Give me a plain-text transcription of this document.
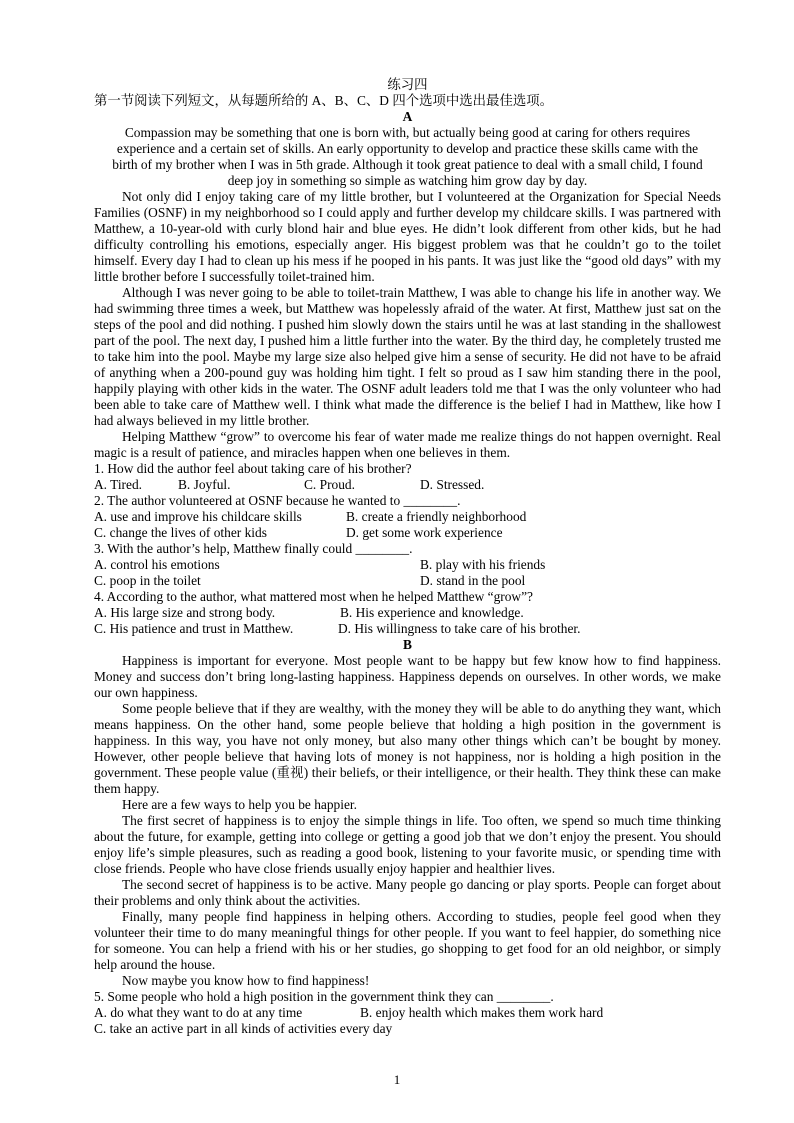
练习四
第一节阅读下列短文，从每题所给的 A、B、C、D 四个选项中选出最佳选项。
A
Compassion may be something that one is born with, but actually being good at caring for others requires
experience and a certain set of skills. An early opportunity to develop and practice these skills came with the
birth of my brother when I was in 5th grade. Although it took great patience to deal with a small child, I found
deep joy in something so simple as watching him grow day by day.

Not only did I enjoy taking care of my little brother, but I volunteered at the Organization for Special Needs Families (OSNF) in my neighborhood so I could apply and further develop my childcare skills. I was partnered with Matthew, a 10-year-old with curly blond hair and blue eyes. He didn’t look different from other kids, but he had difficulty controlling his emotions, especially anger. His biggest problem was that he couldn’t go to the toilet himself. Every day I had to clean up his mess if he pooped in his pants. It was just like the “good old days” with my little brother before I successfully toilet-trained him.

Although I was never going to be able to toilet-train Matthew, I was able to change his life in another way. We had swimming three times a week, but Matthew was hopelessly afraid of the water. At first, Matthew just sat on the steps of the pool and did nothing. I pushed him slowly down the stairs until he was at last standing in the shallowest part of the pool. The next day, I pushed him a little further into the water. By the third day, he completely trusted me to take him into the pool. Maybe my large size also helped give him a sense of security. He did not have to be afraid of anything when a 200-pound guy was holding him tight. I felt so proud as I saw him standing there in the pool, happily playing with other kids in the water. The OSNF adult leaders told me that I was the only volunteer who had been able to take care of Matthew well. I think what made the difference is the belief I had in Matthew, like how I had always believed in my little brother.

Helping Matthew “grow” to overcome his fear of water made me realize things do not happen overnight. Real magic is a result of patience, and miracles happen when one believes in them.

1. How did the author feel about taking care of his brother?
A. Tired.	B. Joyful.	C. Proud.	D. Stressed.
2. The author volunteered at OSNF because he wanted to ________.
A. use and improve his childcare skills	B. create a friendly neighborhood
C. change the lives of other kids	D. get some work experience
3. With the author’s help, Matthew finally could ________.
A. control his emotions	B. play with his friends
C. poop in the toilet	D. stand in the pool
4. According to the author, what mattered most when he helped Matthew “grow”?
A. His large size and strong body.	B. His experience and knowledge.
C. His patience and trust in Matthew.	D. His willingness to take care of his brother.
B

Happiness is important for everyone. Most people want to be happy but few know how to find happiness. Money and success don’t bring long-lasting happiness. Happiness depends on ourselves. In other words, we make our own happiness.

Some people believe that if they are wealthy, with the money they will be able to do anything they want, which means happiness. On the other hand, some people believe that holding a high position in the government is happiness. In this way, you have not only money, but also many other things which can’t be bought by money. However, other people believe that having lots of money is not happiness, nor is holding a high position in the government. These people value (重视) their beliefs, or their intelligence, or their health. They think these can make them happy.

Here are a few ways to help you be happier.

The first secret of happiness is to enjoy the simple things in life. Too often, we spend so much time thinking about the future, for example, getting into college or getting a good job that we don’t enjoy the present. You should enjoy life’s simple pleasures, such as reading a good book, listening to your favorite music, or spending time with close friends. People who have close friends usually enjoy happier and healthier lives.

The second secret of happiness is to be active. Many people go dancing or play sports. People can forget about their problems and only think about the activities.

Finally, many people find happiness in helping others. According to studies, people feel good when they volunteer their time to do many meaningful things for other people. If you want to feel happier, do something nice for someone. You can help a friend with his or her studies, go shopping to get food for an old neighbor, or simply help around the house.

Now maybe you know how to find happiness!

5. Some people who hold a high position in the government think they can ________.
A. do what they want to do at any time	B. enjoy health which makes them work hard
C. take an active part in all kinds of activities every day
1
